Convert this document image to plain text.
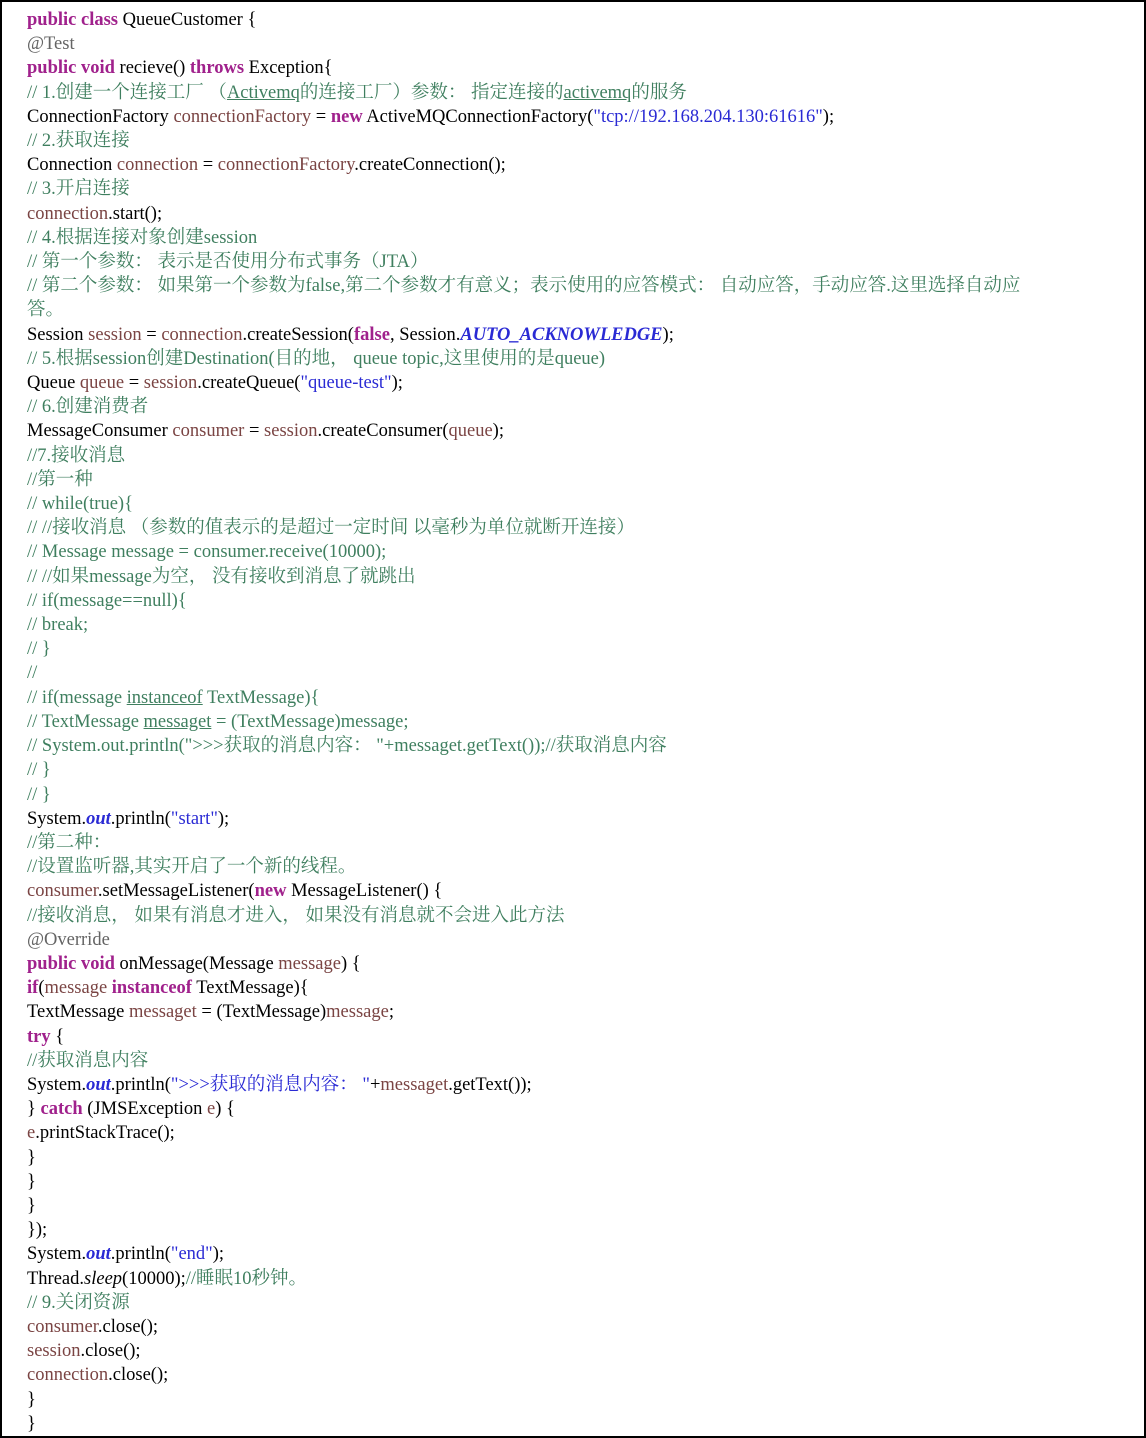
public class QueueCustomer {
@Test
public void recieve() throws Exception{
// 1.创建一个连接工厂 （Activemq的连接工厂）参数： 指定连接的activemq的服务
ConnectionFactory connectionFactory = new ActiveMQConnectionFactory("tcp://192.168.204.130:61616");
// 2.获取连接
Connection connection = connectionFactory.createConnection();
// 3.开启连接
connection.start();
// 4.根据连接对象创建session
// 第一个参数： 表示是否使用分布式事务（JTA）
// 第二个参数： 如果第一个参数为false,第二个参数才有意义；表示使用的应答模式： 自动应答，手动应答.这里选择自动应
答。
Session session = connection.createSession(false, Session.AUTO_ACKNOWLEDGE);
// 5.根据session创建Destination(目的地， queue topic,这里使用的是queue)
Queue queue = session.createQueue("queue-test");
// 6.创建消费者
MessageConsumer consumer = session.createConsumer(queue);
//7.接收消息
//第一种
// while(true){
// //接收消息 （参数的值表示的是超过一定时间 以毫秒为单位就断开连接）
// Message message = consumer.receive(10000);
// //如果message为空， 没有接收到消息了就跳出
// if(message==null){
// break;
// }
//
// if(message instanceof TextMessage){
// TextMessage messaget = (TextMessage)message;
// System.out.println(">>>获取的消息内容： "+messaget.getText());//获取消息内容
// }
// }
System.out.println("start");
//第二种：
//设置监听器,其实开启了一个新的线程。
consumer.setMessageListener(new MessageListener() {
//接收消息， 如果有消息才进入， 如果没有消息就不会进入此方法
@Override
public void onMessage(Message message) {
if(message instanceof TextMessage){
TextMessage messaget = (TextMessage)message;
try {
//获取消息内容
System.out.println(">>>获取的消息内容： "+messaget.getText());
} catch (JMSException e) {
e.printStackTrace();
}
}
}
});
System.out.println("end");
Thread.sleep(10000);//睡眠10秒钟。
// 9.关闭资源
consumer.close();
session.close();
connection.close();
}
}
